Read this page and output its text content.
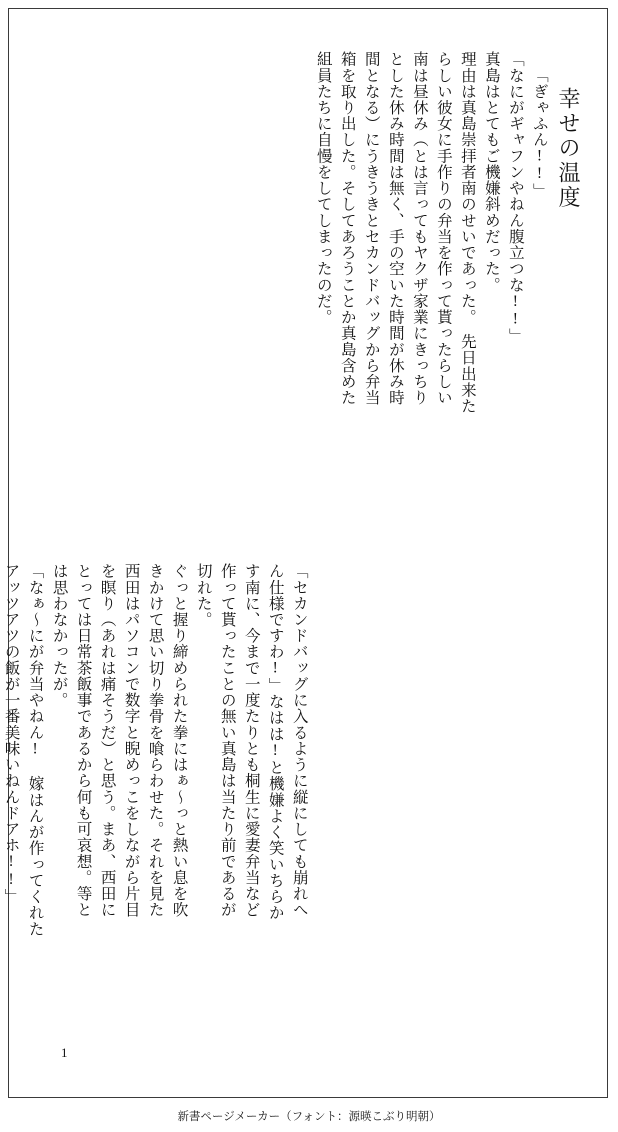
幸せの温度
「ぎゃふん!!」
「なにがギャフンやねん腹立つな!!」
真島はとてもご機嫌斜めだった。
理由は真島崇拝者南のせいであった。　先日出来た
らしい彼女に手作りの弁当を作って貰ったらしい
南は昼休み（とは言ってもヤクザ家業にきっちり
とした休み時間は無く、手の空いた時間が休み時
間となる）にうきうきとセカンドバッグから弁当
箱を取り出した。そしてあろうことか真島含めた
組員たちに自慢をしてしまったのだ。
「セカンドバッグに入るように縦にしても崩れへ
ん仕様ですわ!」なはは!と機嫌よく笑いちらか
す南に、今まで一度たりとも桐生に愛妻弁当など
作って貰ったことの無い真島は当たり前であるが
切れた。
ぐっと握り締められた拳にはぁ〜っと熱い息を吹
きかけて思い切り拳骨を喰らわせた。それを見た
西田はパソコンで数字と睨めっこをしながら片目
を瞑り（あれは痛そうだ）と思う。まあ、西田に
とっては日常茶飯事であるから何も可哀想。等と
は思わなかったが。
「なぁ〜にが弁当やねん! 嫁はんが作ってくれた
アッツアツの飯が一番美味いねんドアホ!!」
1
新書ページメーカー（フォント：源暎こぶり明朝）
